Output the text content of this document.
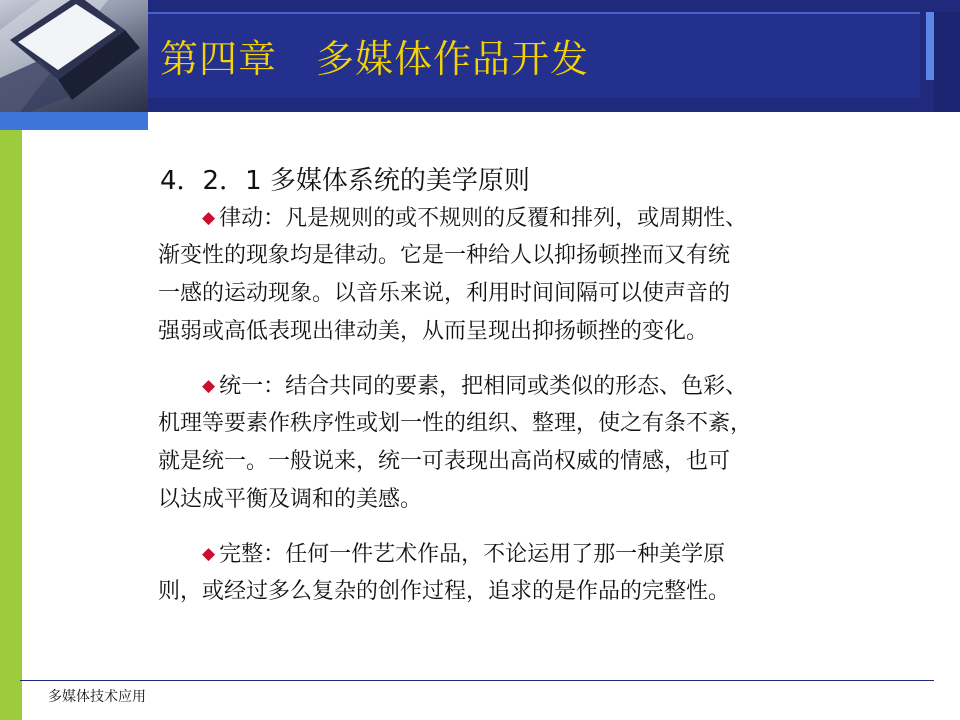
第四章　多媒体作品开发
4．2．1 多媒体系统的美学原则
◆ 律动：凡是规则的或不规则的反覆和排列，或周期性、
渐变性的现象均是律动。它是一种给人以抑扬顿挫而又有统
一感的运动现象。以音乐来说，利用时间间隔可以使声音的
强弱或高低表现出律动美，从而呈现出抑扬顿挫的变化。
◆ 统一：结合共同的要素，把相同或类似的形态、色彩、
机理等要素作秩序性或划一性的组织、整理，使之有条不紊，
就是统一。一般说来，统一可表现出高尚权威的情感，也可
以达成平衡及调和的美感。
◆ 完整：任何一件艺术作品，不论运用了那一种美学原
则，或经过多么复杂的创作过程，追求的是作品的完整性。
多媒体技术应用
